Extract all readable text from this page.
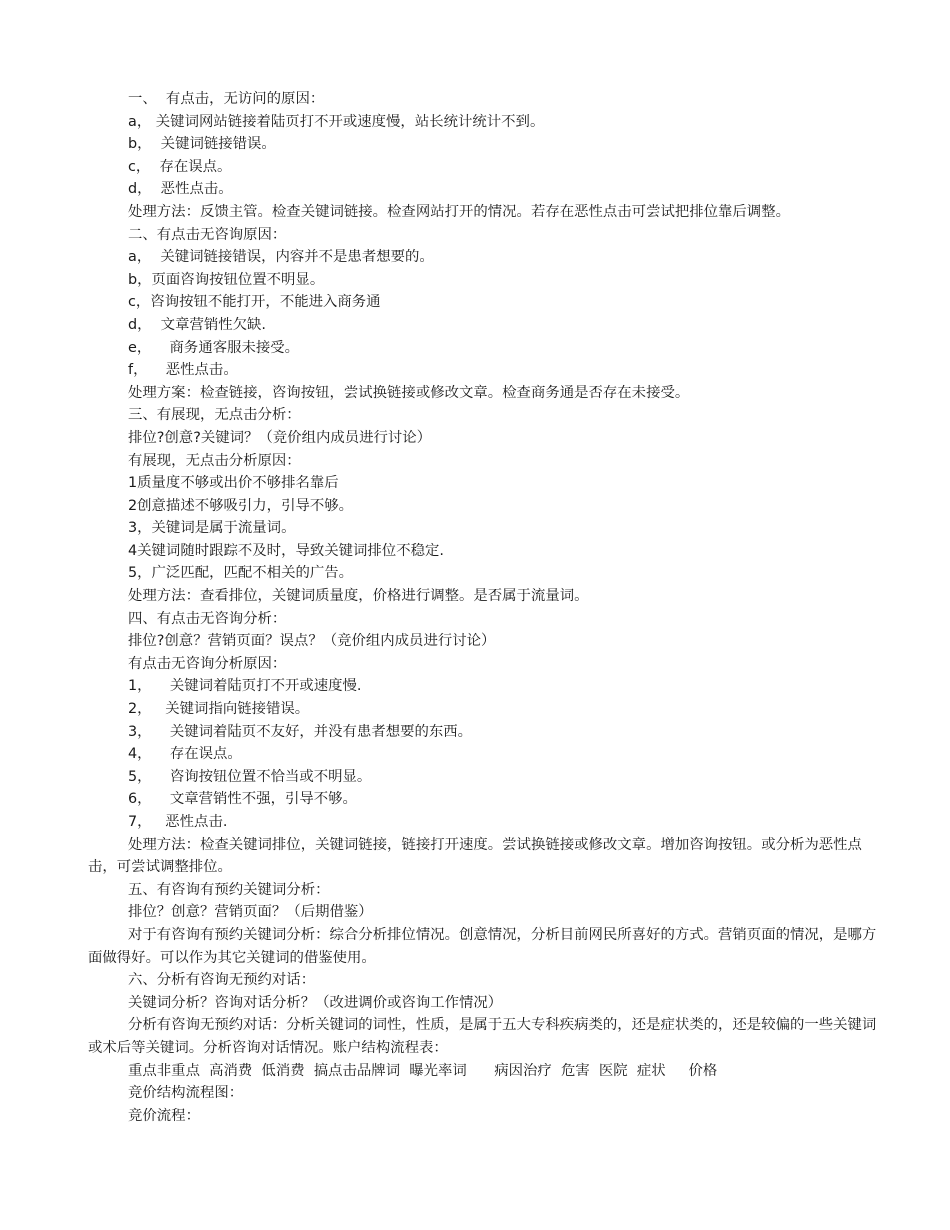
一、  有点击，无访问的原因：

a， 关键词网站链接着陆页打不开或速度慢，站长统计统计不到。

b，  关键词链接错误。

c，  存在误点。

d，  恶性点击。

处理方法：反馈主管。检查关键词链接。检查网站打开的情况。若存在恶性点击可尝试把排位靠后调整。

二、有点击无咨询原因：

a，  关键词链接错误，内容并不是患者想要的。

b，页面咨询按钮位置不明显。

c，咨询按钮不能打开，不能进入商务通

d，  文章营销性欠缺.

e，    商务通客服未接受。

f，    恶性点击。

处理方案：检查链接，咨询按钮，尝试换链接或修改文章。检查商务通是否存在未接受。

三、有展现，无点击分析：

排位?创意?关键词？（竞价组内成员进行讨论）

有展现，无点击分析原因：

1质量度不够或出价不够排名靠后

2创意描述不够吸引力，引导不够。

3，关键词是属于流量词。

4关键词随时跟踪不及时，导致关键词排位不稳定.

5，广泛匹配，匹配不相关的广告。

处理方法：查看排位，关键词质量度，价格进行调整。是否属于流量词。

四、有点击无咨询分析：

排位?创意？营销页面？误点？（竞价组内成员进行讨论）

有点击无咨询分析原因：

1，    关键词着陆页打不开或速度慢.

2，   关键词指向链接错误。

3，    关键词着陆页不友好，并没有患者想要的东西。

4，    存在误点。

5，    咨询按钮位置不恰当或不明显。

6，    文章营销性不强，引导不够。

7，   恶性点击.

处理方法：检查关键词排位，关键词链接，链接打开速度。尝试换链接或修改文章。增加咨询按钮。或分析为恶性点击，可尝试调整排位。

五、有咨询有预约关键词分析：

排位？创意？营销页面？（后期借鉴）

对于有咨询有预约关键词分析：综合分析排位情况。创意情况，分析目前网民所喜好的方式。营销页面的情况，是哪方面做得好。可以作为其它关键词的借鉴使用。

六、分析有咨询无预约对话：

关键词分析？咨询对话分析？（改进调价或咨询工作情况）

分析有咨询无预约对话：分析关键词的词性，性质，是属于五大专科疾病类的，还是症状类的，还是较偏的一些关键词或术后等关键词。分析咨询对话情况。账户结构流程表：

重点非重点  高消费  低消费  搞点击品牌词  曝光率词      病因治疗  危害  医院  症状     价格

竞价结构流程图：

竞价流程：
